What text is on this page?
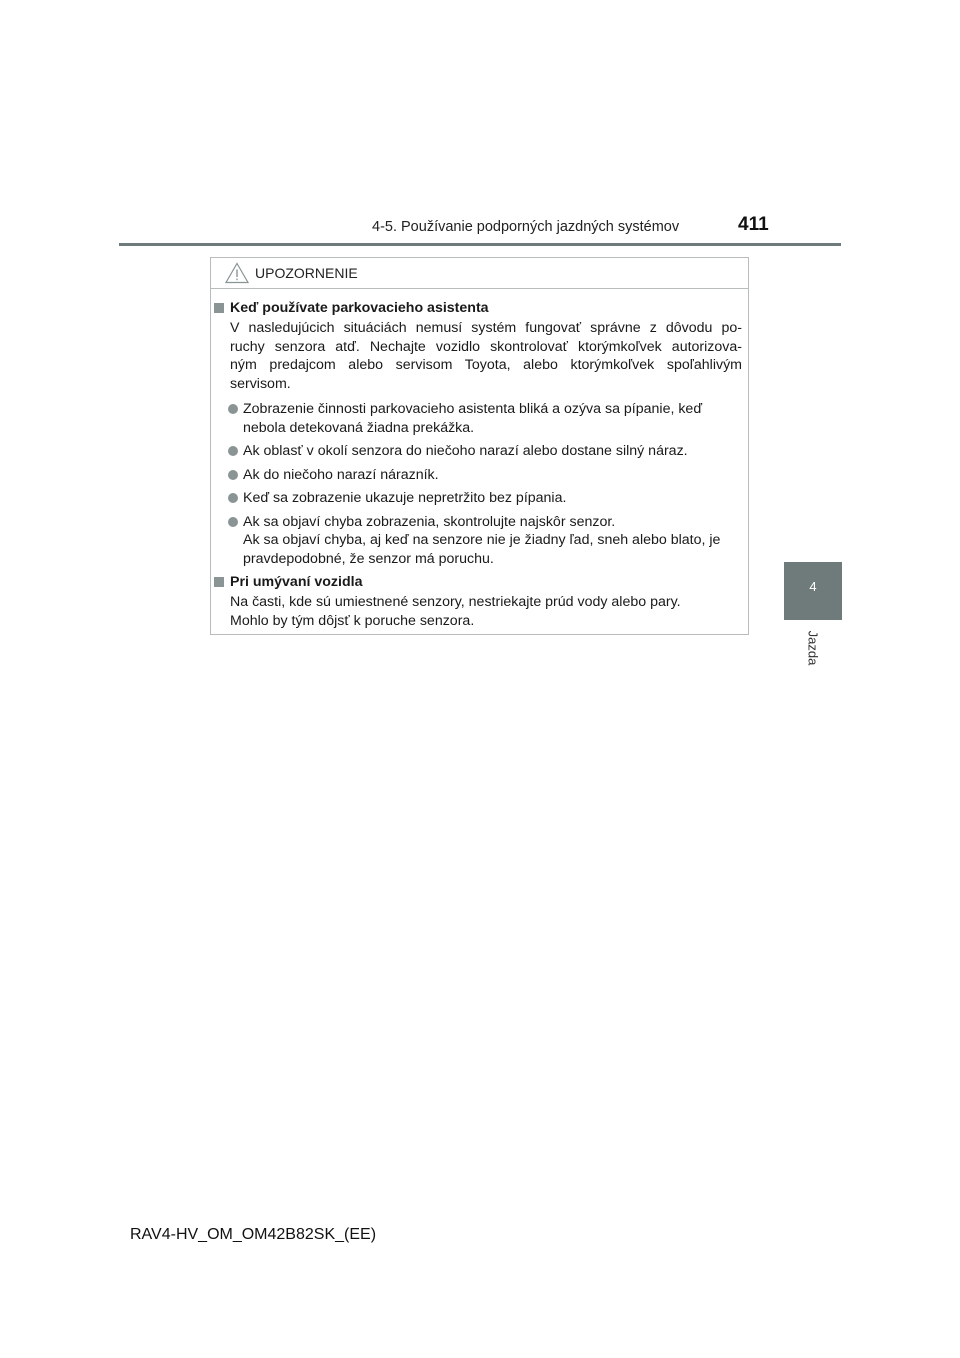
4-5. Používanie podporných jazdných systémov	411
4
Jazda
UPOZORNENIE
Keď používate parkovacieho asistenta
V nasledujúcich situáciách nemusí systém fungovať správne z dôvodu po-
ruchy senzora atď. Nechajte vozidlo skontrolovať ktorýmkoľvek autorizova-
ným predajcom alebo servisom Toyota, alebo ktorýmkoľvek spoľahlivým
servisom.
Zobrazenie činnosti parkovacieho asistenta bliká a ozýva sa pípanie, keď nebola detekovaná žiadna prekážka.
Ak oblasť v okolí senzora do niečoho narazí alebo dostane silný náraz.
Ak do niečoho narazí nárazník.
Keď sa zobrazenie ukazuje nepretržito bez pípania.
Ak sa objaví chyba zobrazenia, skontrolujte najskôr senzor.
Ak sa objaví chyba, aj keď na senzore nie je žiadny ľad, sneh alebo blato, je pravdepodobné, že senzor má poruchu.
Pri umývaní vozidla
Na časti, kde sú umiestnené senzory, nestriekajte prúd vody alebo pary.
Mohlo by tým dôjsť k poruche senzora.
RAV4-HV_OM_OM42B82SK_(EE)
